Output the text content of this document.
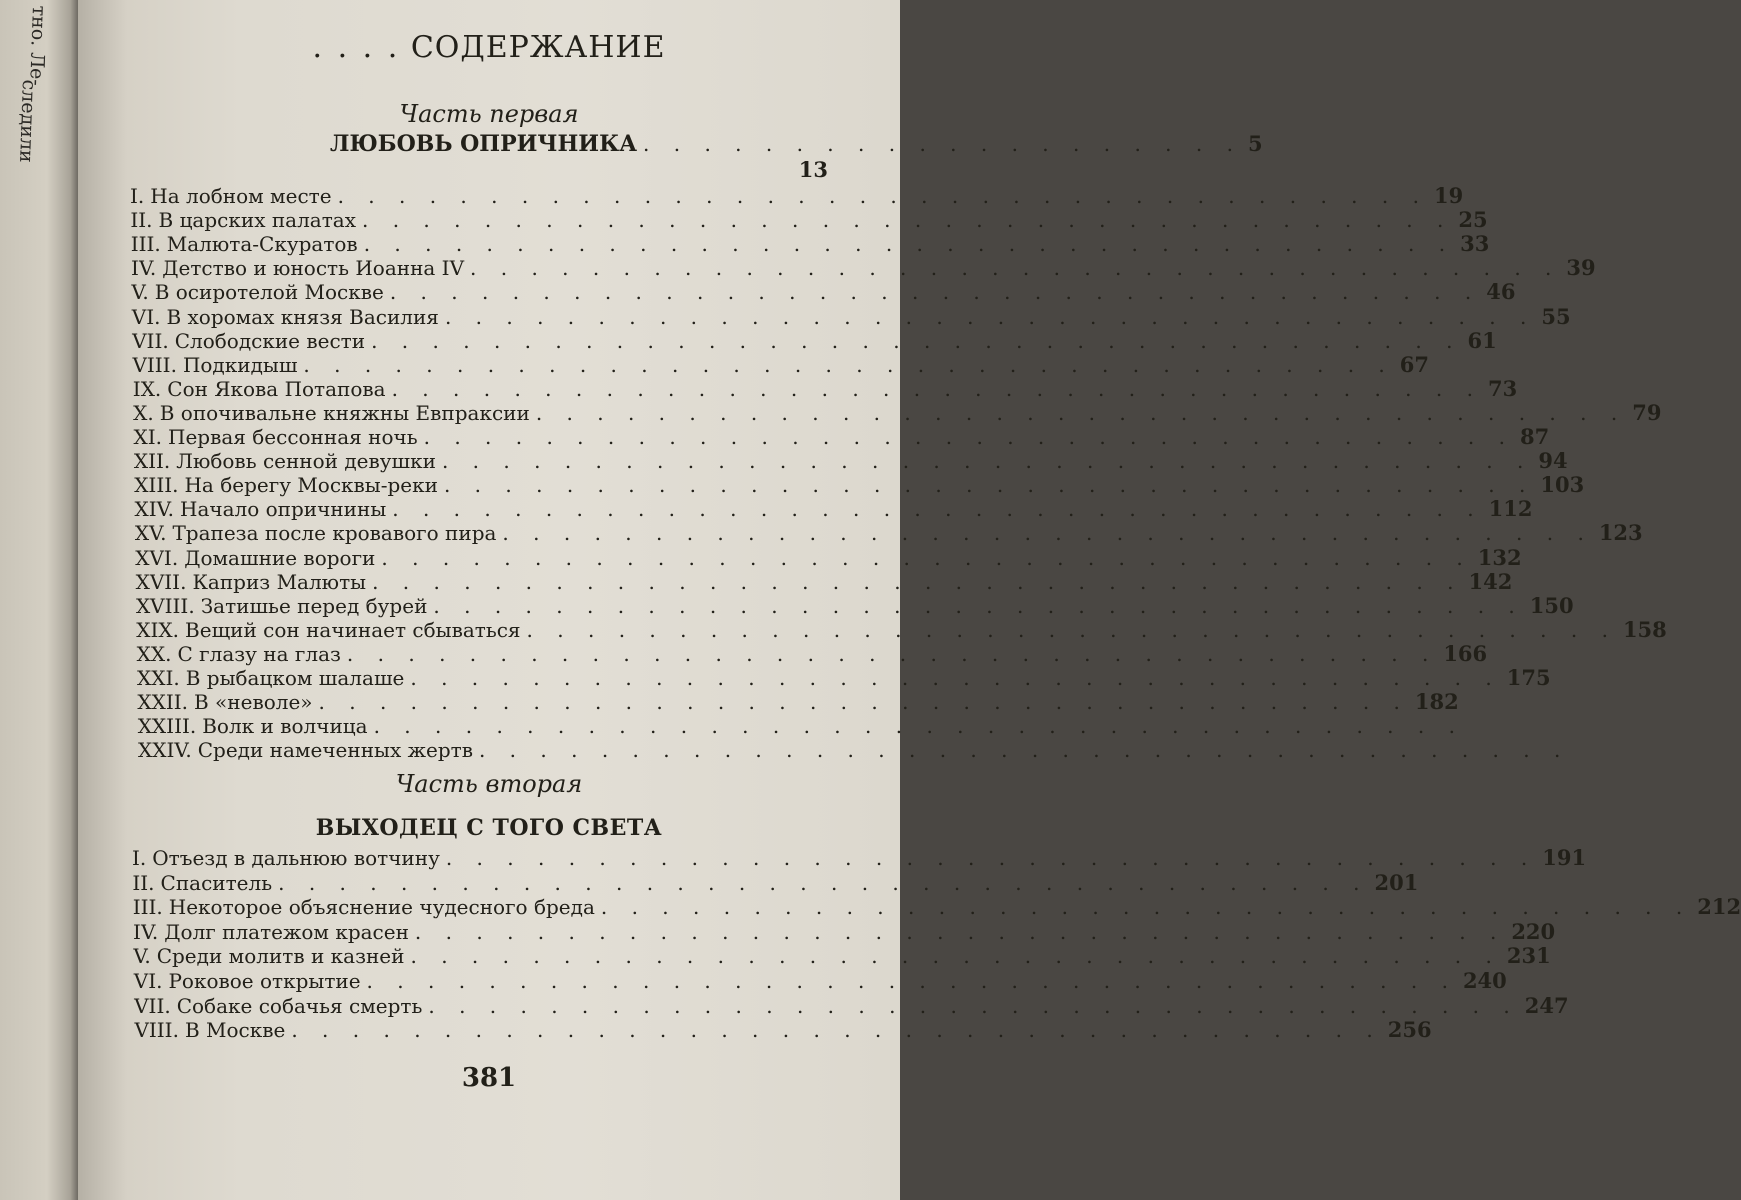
тно. Ле-
следили
. . . . СОДЕРЖАНИЕ
Часть первая
ЛЮБОВЬ ОПРИЧНИКА . . . . . . . . . . . . . . . . . . . . 5
13
I. На лобном месте . . . . . . . . . . . . . . . . . . . . . . . . . . . . . . . . . . . . 19
II. В царских палатах . . . . . . . . . . . . . . . . . . . . . . . . . . . . . . . . . . . . 25
III. Малюта-Скуратов . . . . . . . . . . . . . . . . . . . . . . . . . . . . . . . . . . . . 33
IV. Детство и юность Иоанна IV . . . . . . . . . . . . . . . . . . . . . . . . . . . . . . . . . . . . 39
V. В осиротелой Москве . . . . . . . . . . . . . . . . . . . . . . . . . . . . . . . . . . . . 46
VI. В хоромах князя Василия . . . . . . . . . . . . . . . . . . . . . . . . . . . . . . . . . . . . 55
VII. Слободские вести . . . . . . . . . . . . . . . . . . . . . . . . . . . . . . . . . . . . 61
VIII. Подкидыш . . . . . . . . . . . . . . . . . . . . . . . . . . . . . . . . . . . . 67
IX. Сон Якова Потапова . . . . . . . . . . . . . . . . . . . . . . . . . . . . . . . . . . . . 73
X. В опочивальне княжны Евпраксии . . . . . . . . . . . . . . . . . . . . . . . . . . . . . . . . . . . . 79
XI. Первая бессонная ночь . . . . . . . . . . . . . . . . . . . . . . . . . . . . . . . . . . . . 87
XII. Любовь сенной девушки . . . . . . . . . . . . . . . . . . . . . . . . . . . . . . . . . . . . 94
XIII. На берегу Москвы-реки . . . . . . . . . . . . . . . . . . . . . . . . . . . . . . . . . . . . 103
XIV. Начало опричнины . . . . . . . . . . . . . . . . . . . . . . . . . . . . . . . . . . . . 112
XV. Трапеза после кровавого пира . . . . . . . . . . . . . . . . . . . . . . . . . . . . . . . . . . . . 123
XVI. Домашние вороги . . . . . . . . . . . . . . . . . . . . . . . . . . . . . . . . . . . . 132
XVII. Каприз Малюты . . . . . . . . . . . . . . . . . . . . . . . . . . . . . . . . . . . . 142
XVIII. Затишье перед бурей . . . . . . . . . . . . . . . . . . . . . . . . . . . . . . . . . . . . 150
XIX. Вещий сон начинает сбываться . . . . . . . . . . . . . . . . . . . . . . . . . . . . . . . . . . . . 158
XX. С глазу на глаз . . . . . . . . . . . . . . . . . . . . . . . . . . . . . . . . . . . . 166
XXI. В рыбацком шалаше . . . . . . . . . . . . . . . . . . . . . . . . . . . . . . . . . . . . 175
XXII. В «неволе» . . . . . . . . . . . . . . . . . . . . . . . . . . . . . . . . . . . . 182
XXIII. Волк и волчица . . . . . . . . . . . . . . . . . . . . . . . . . . . . . . . . . . . .
XXIV. Среди намеченных жертв . . . . . . . . . . . . . . . . . . . . . . . . . . . . . . . . . . . .
Часть вторая
ВЫХОДЕЦ С ТОГО СВЕТА
I. Отъезд в дальнюю вотчину . . . . . . . . . . . . . . . . . . . . . . . . . . . . . . . . . . . . 191
II. Спаситель . . . . . . . . . . . . . . . . . . . . . . . . . . . . . . . . . . . . 201
III. Некоторое объяснение чудесного бреда . . . . . . . . . . . . . . . . . . . . . . . . . . . . . . . . . . . . 212
IV. Долг платежом красен . . . . . . . . . . . . . . . . . . . . . . . . . . . . . . . . . . . . 220
V. Среди молитв и казней . . . . . . . . . . . . . . . . . . . . . . . . . . . . . . . . . . . . 231
VI. Роковое открытие . . . . . . . . . . . . . . . . . . . . . . . . . . . . . . . . . . . . 240
VII. Собаке собачья смерть . . . . . . . . . . . . . . . . . . . . . . . . . . . . . . . . . . . . 247
VIII. В Москве . . . . . . . . . . . . . . . . . . . . . . . . . . . . . . . . . . . . 256
381
